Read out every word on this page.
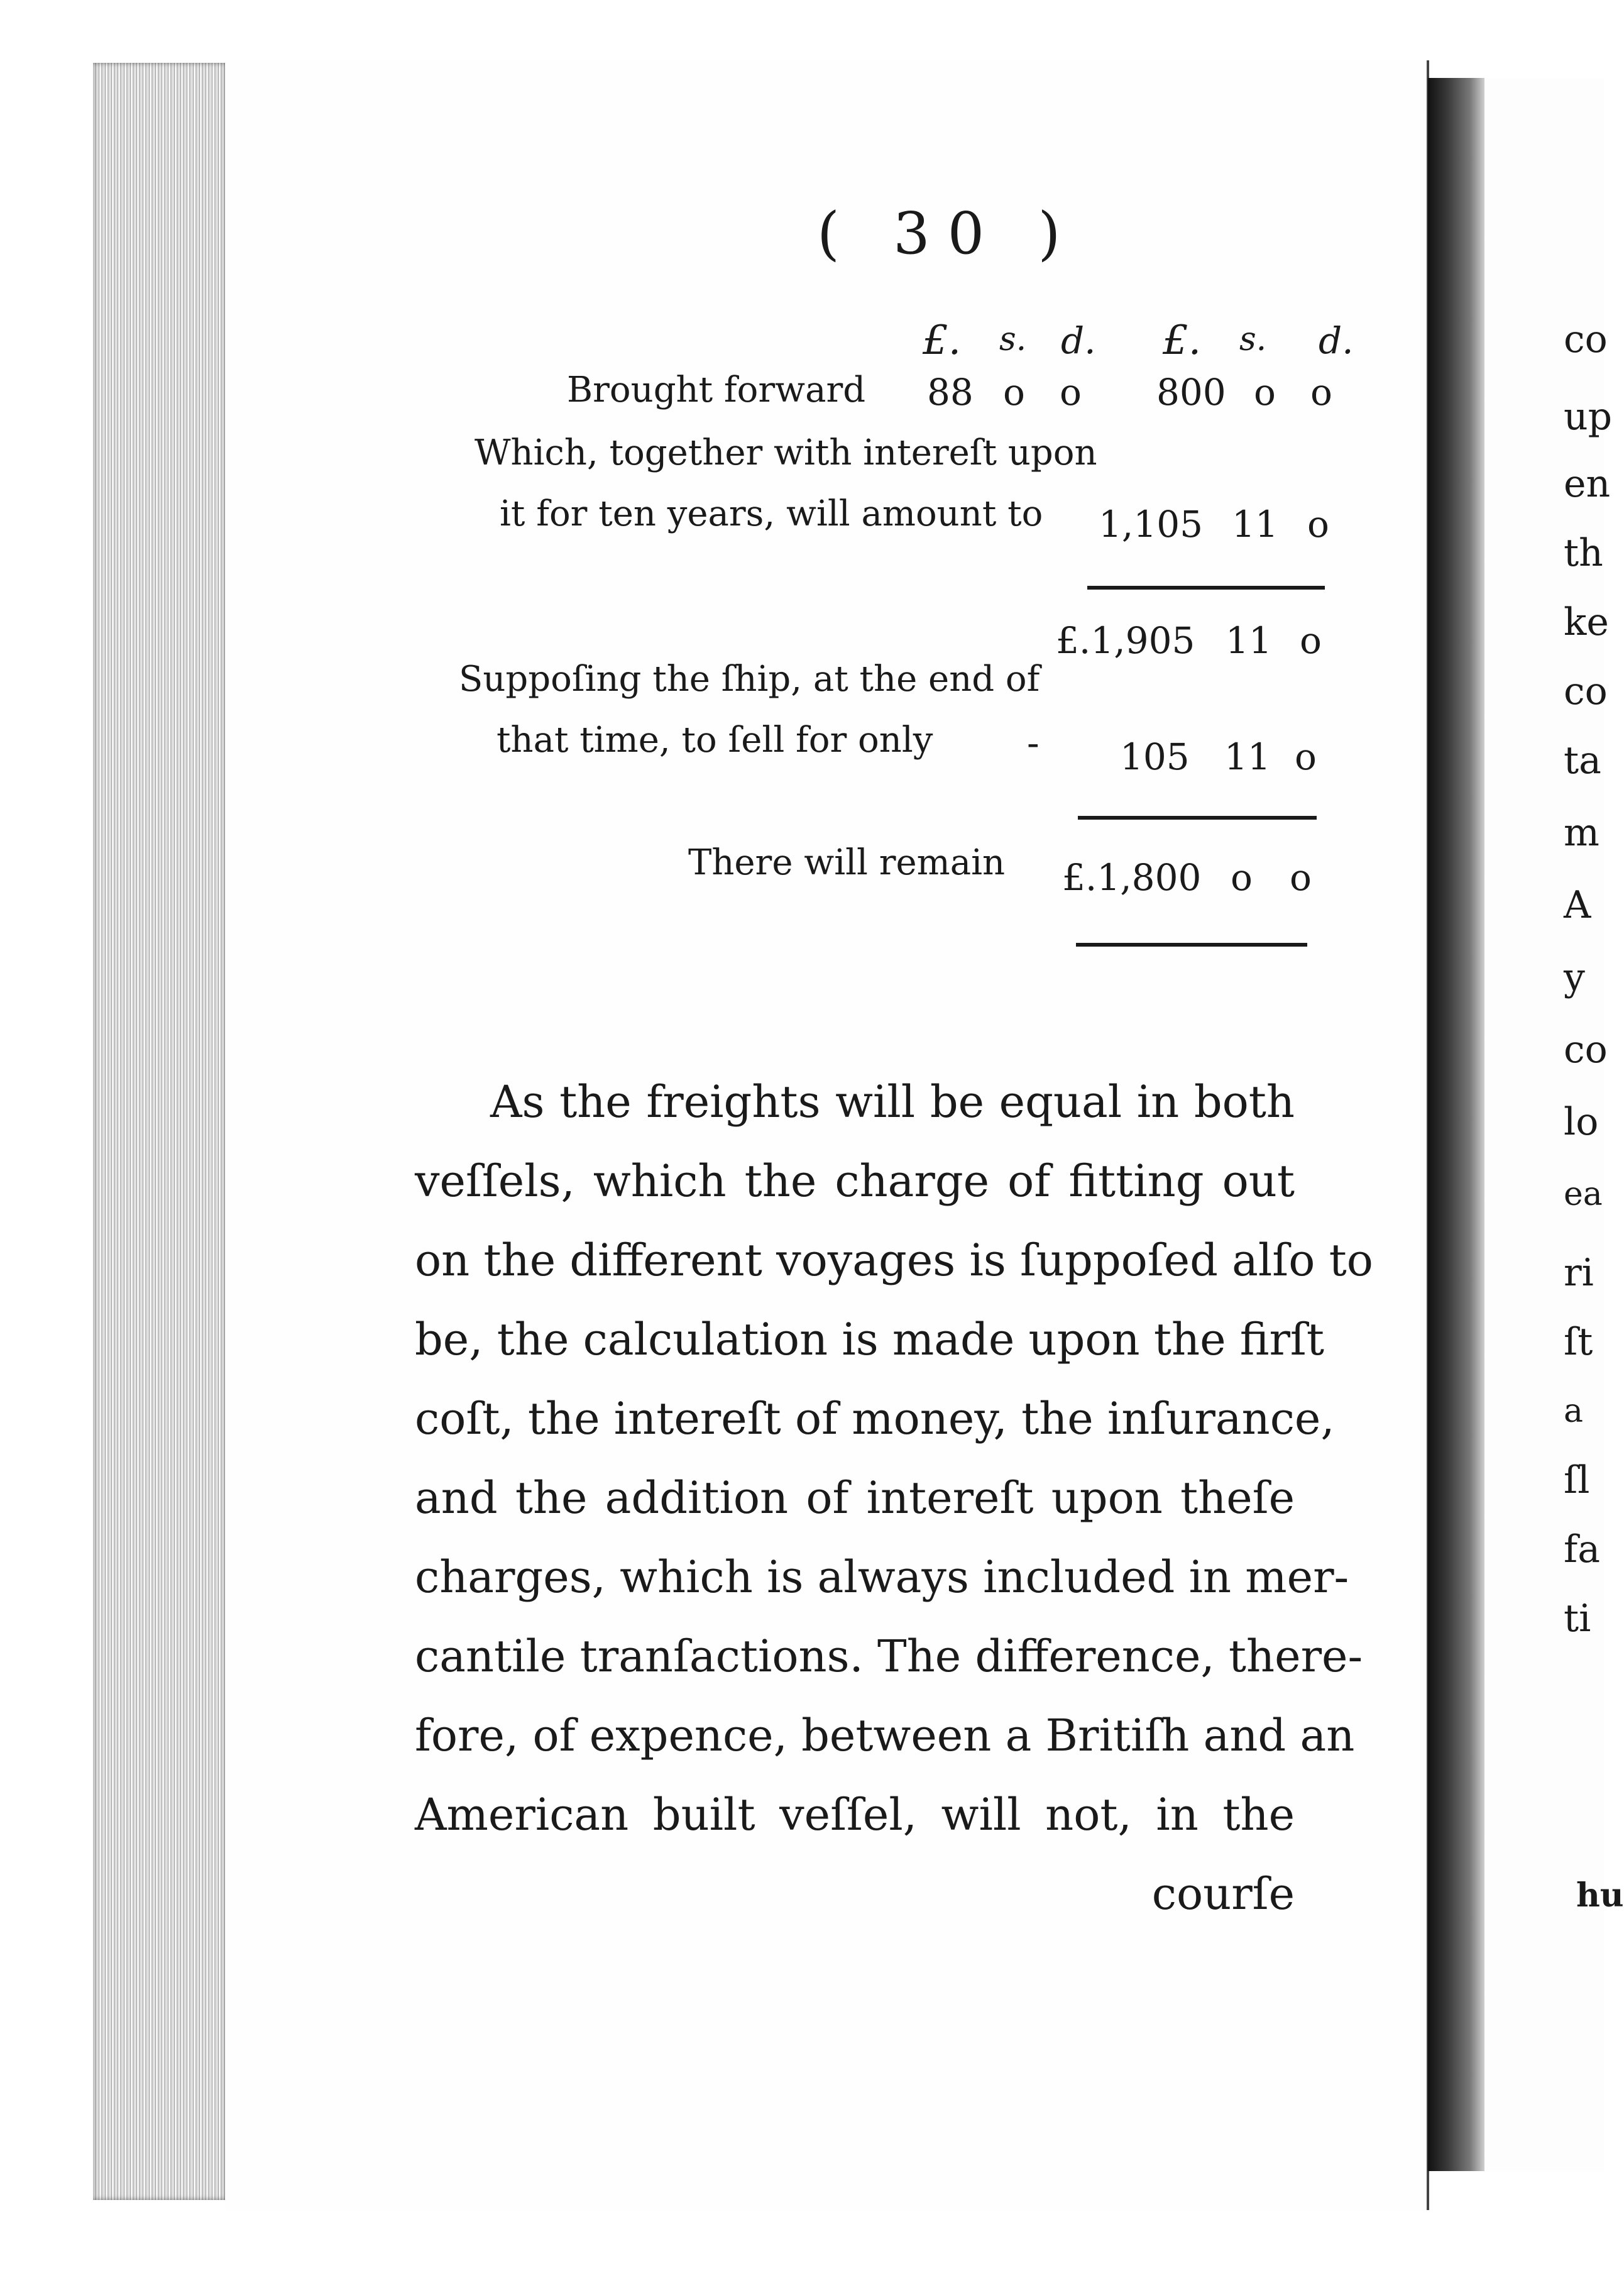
( 30 )
£. s. d. £. s. d.
Brought forward 88 o o 800 o o
Which, together with intereſt upon
it for ten years, will amount to 1,105 11 o
£.1,905 11 o
Suppoſing the ſhip, at the end of
that time, to ſell for only	- 105 11 o
There will remain £.1,800 o o
As the freights will be equal in both
veſſels, which the charge of fitting out
on the different voyages is ſuppoſed alſo to
be, the calculation is made upon the firſt
coſt, the intereſt of money, the inſurance,
and the addition of intereſt upon theſe
charges, which is always included in mer-
cantile tranſactions. The difference, there-
fore, of expence, between a Britiſh and an
American built veſſel, will not, in the
courſe
co
up
en
th
ke
co
ta
m
A
y
co
lo
ea
ri
ſt
a
ſl
fa
ti
hu
